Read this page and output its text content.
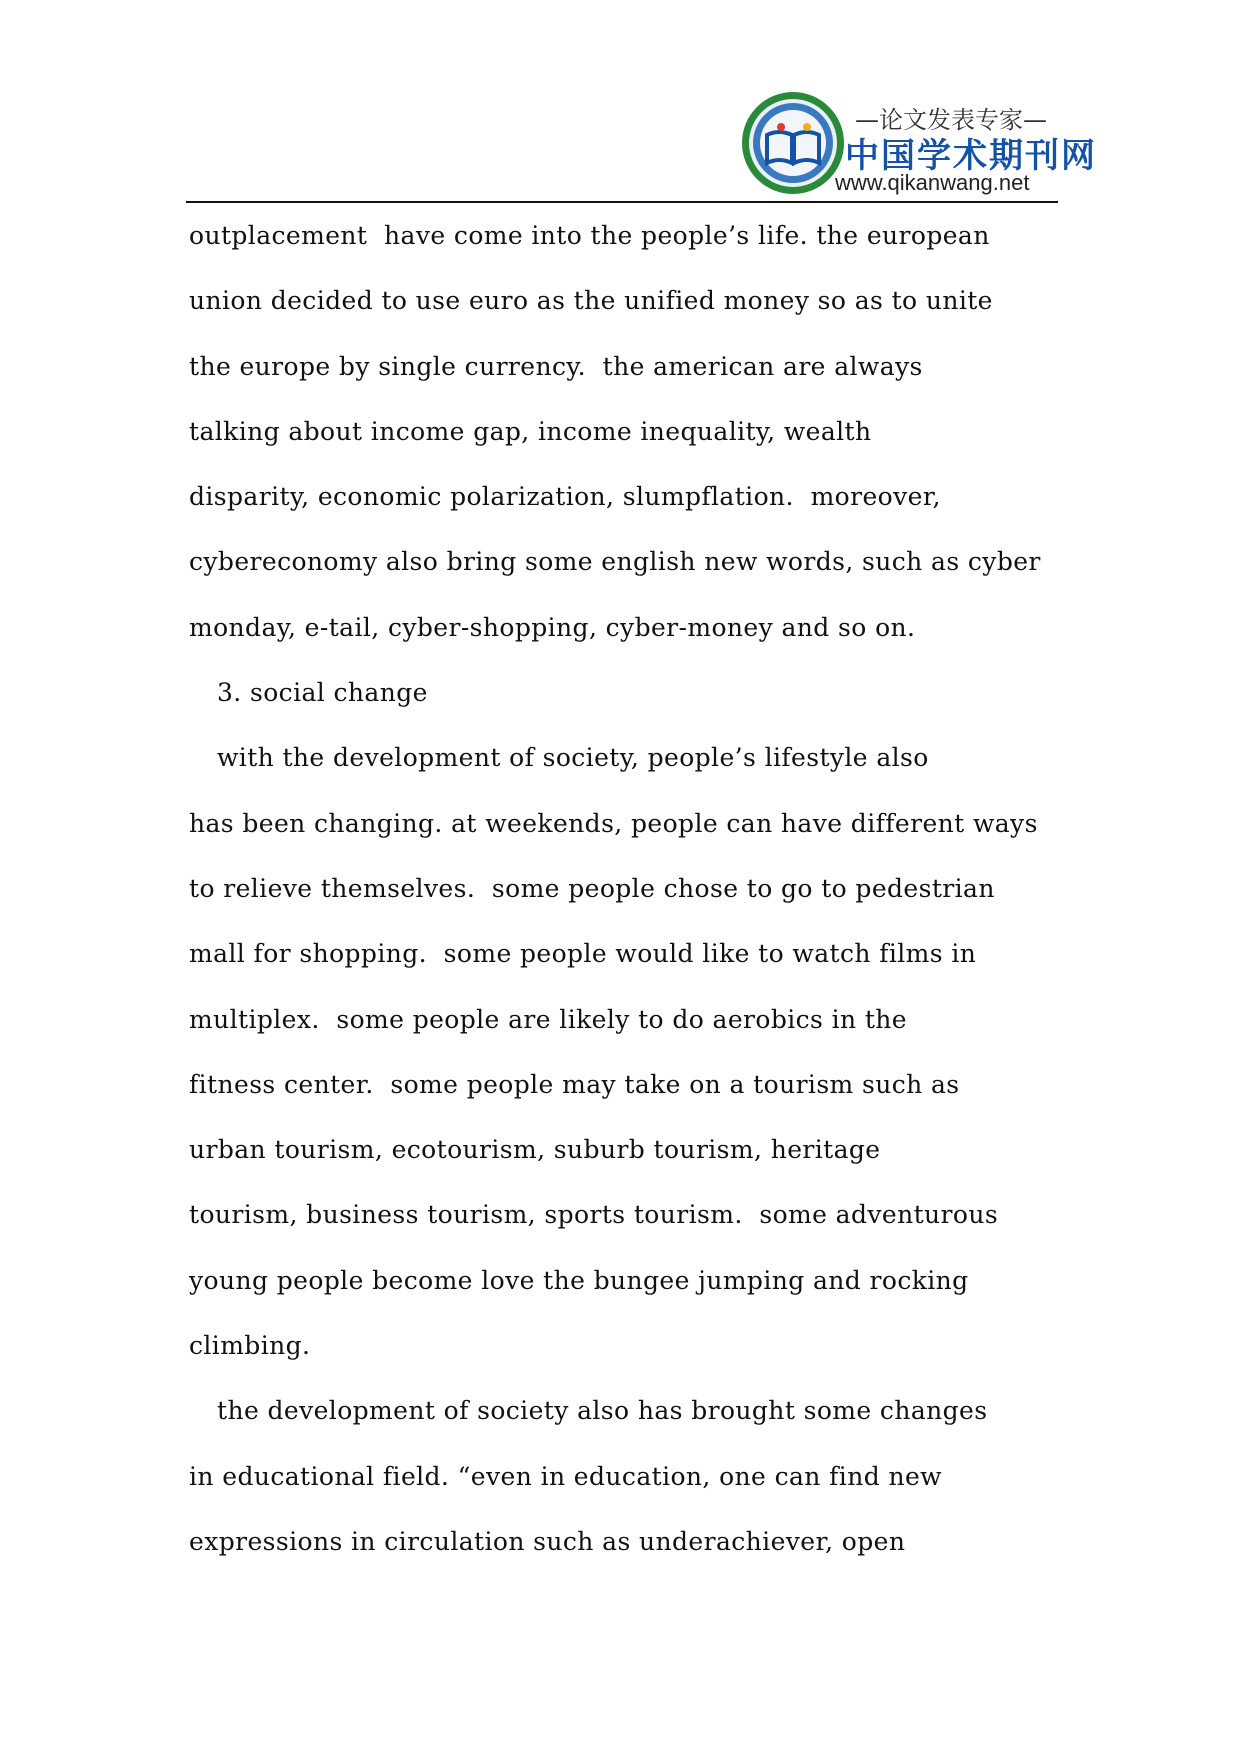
—论文发表专家—
中国学术期刊网
www.qikanwang.net
outplacement  have come into the people’s life. the european
union decided to use euro as the unified money so as to unite
the europe by single currency.  the american are always
talking about income gap, income inequality, wealth
disparity, economic polarization, slumpflation.  moreover,
cybereconomy also bring some english new words, such as cyber
monday, e-tail, cyber-shopping, cyber-money and so on.
3. social change
with the development of society, people’s lifestyle also
has been changing. at weekends, people can have different ways
to relieve themselves.  some people chose to go to pedestrian
mall for shopping.  some people would like to watch films in
multiplex.  some people are likely to do aerobics in the
fitness center.  some people may take on a tourism such as
urban tourism, ecotourism, suburb tourism, heritage
tourism, business tourism, sports tourism.  some adventurous
young people become love the bungee jumping and rocking
climbing.
the development of society also has brought some changes
in educational field. “even in education, one can find new
expressions in circulation such as underachiever, open
